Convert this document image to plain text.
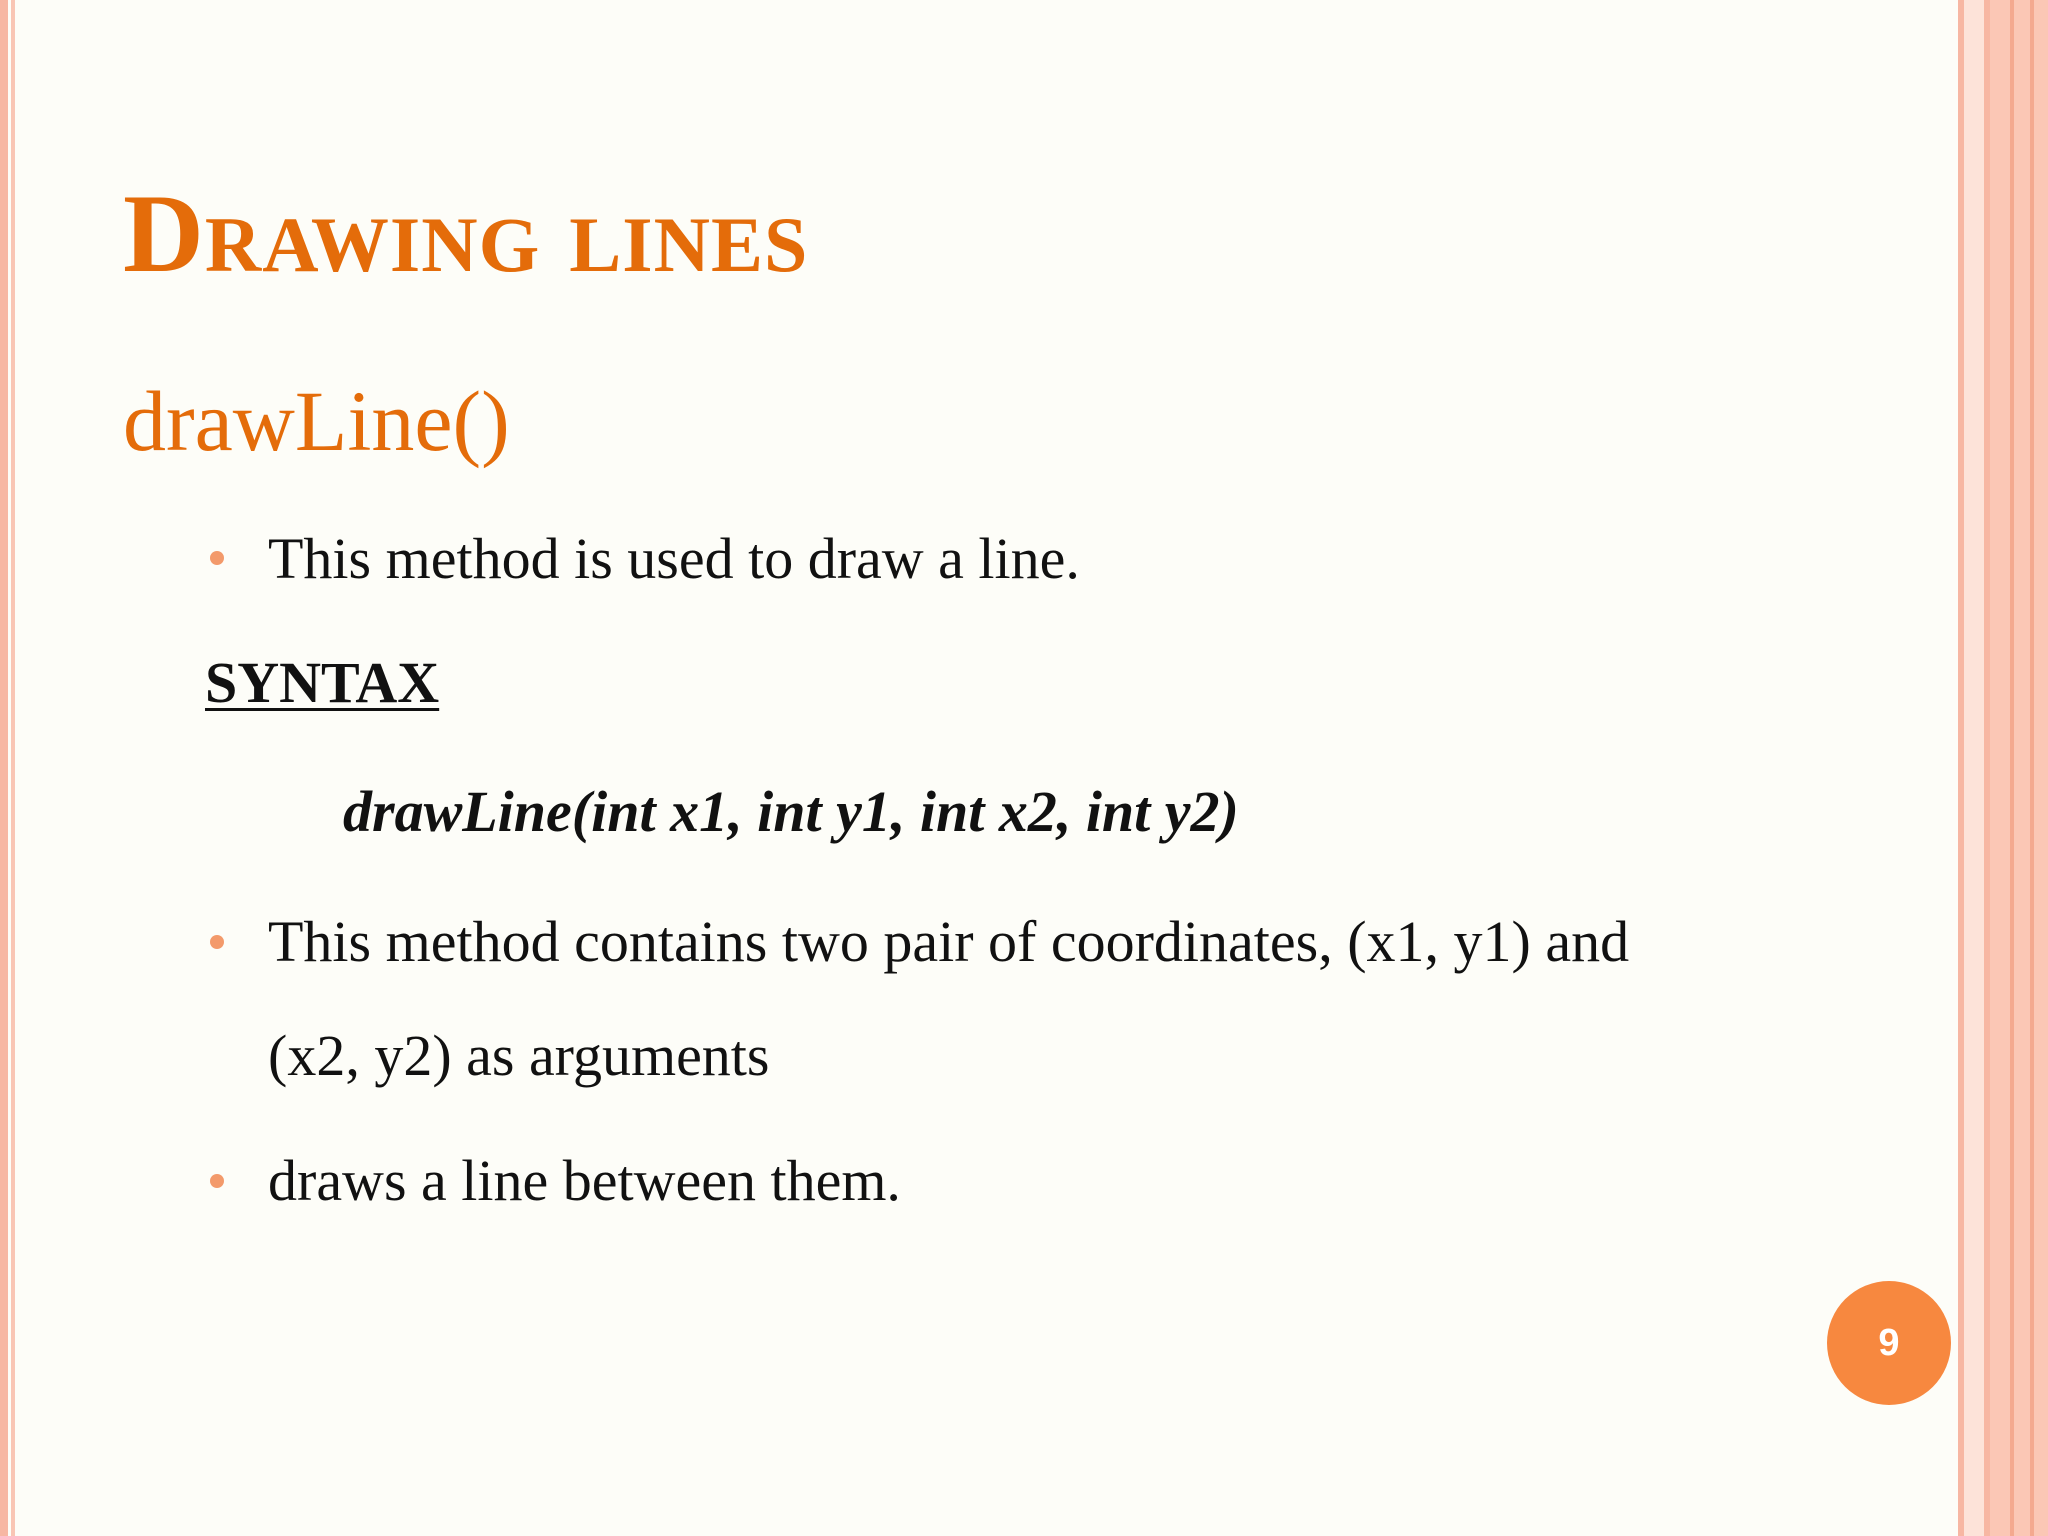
Drawing lines
drawLine()
This method is used to draw a line.
SYNTAX
drawLine(int x1, int y1, int x2, int y2)
This method contains two pair of coordinates, (x1, y1) and
(x2, y2) as arguments
draws a line between them.
9
